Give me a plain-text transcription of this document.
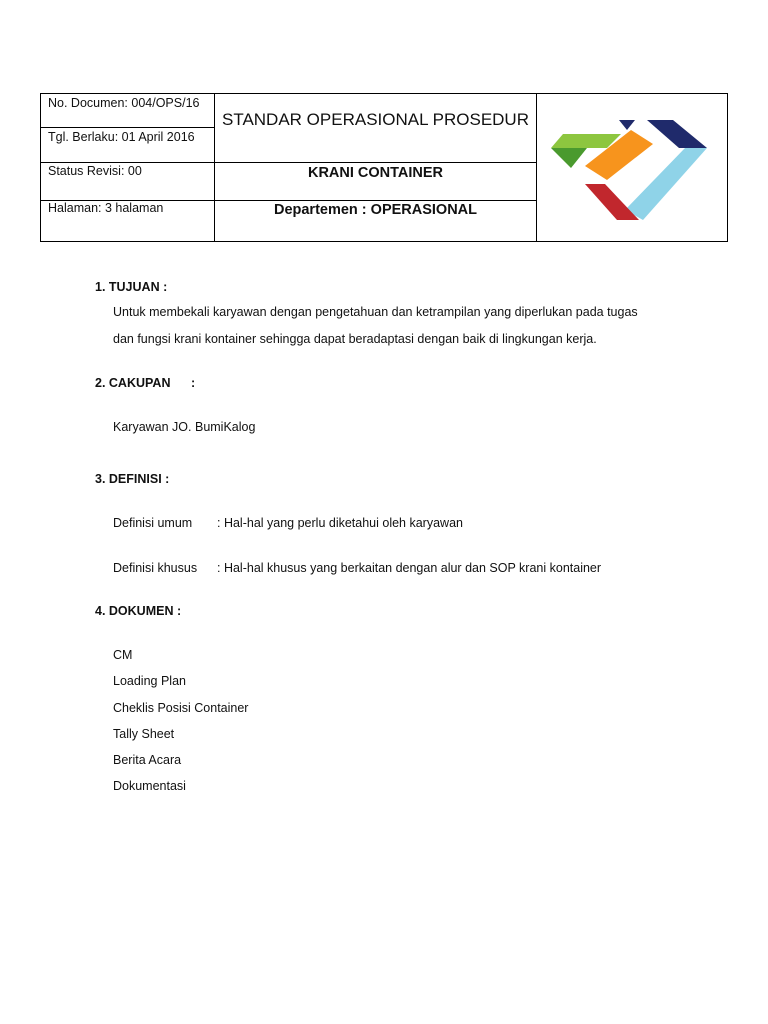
No. Documen: 004/OPS/16	STANDAR OPERASIONAL PROSEDUR

Tgl. Berlaku: 01 April 2016		

Status Revisi: 00	KRANI CONTAINER	

Halaman: 3 halaman	Departemen : OPERASIONAL	
1. TUJUAN :
Untuk membekali karyawan dengan pengetahuan dan ketrampilan yang diperlukan pada tugas
dan fungsi krani kontainer sehingga dapat beradaptasi dengan baik di lingkungan kerja.
2. CAKUPAN :
Karyawan JO. BumiKalog
3. DEFINISI :
Definisi umum : Hal-hal yang perlu diketahui oleh karyawan
Definisi khusus : Hal-hal khusus yang berkaitan dengan alur dan SOP krani kontainer
4. DOKUMEN :
CM
Loading Plan
Cheklis Posisi Container
Tally Sheet
Berita Acara
Dokumentasi
